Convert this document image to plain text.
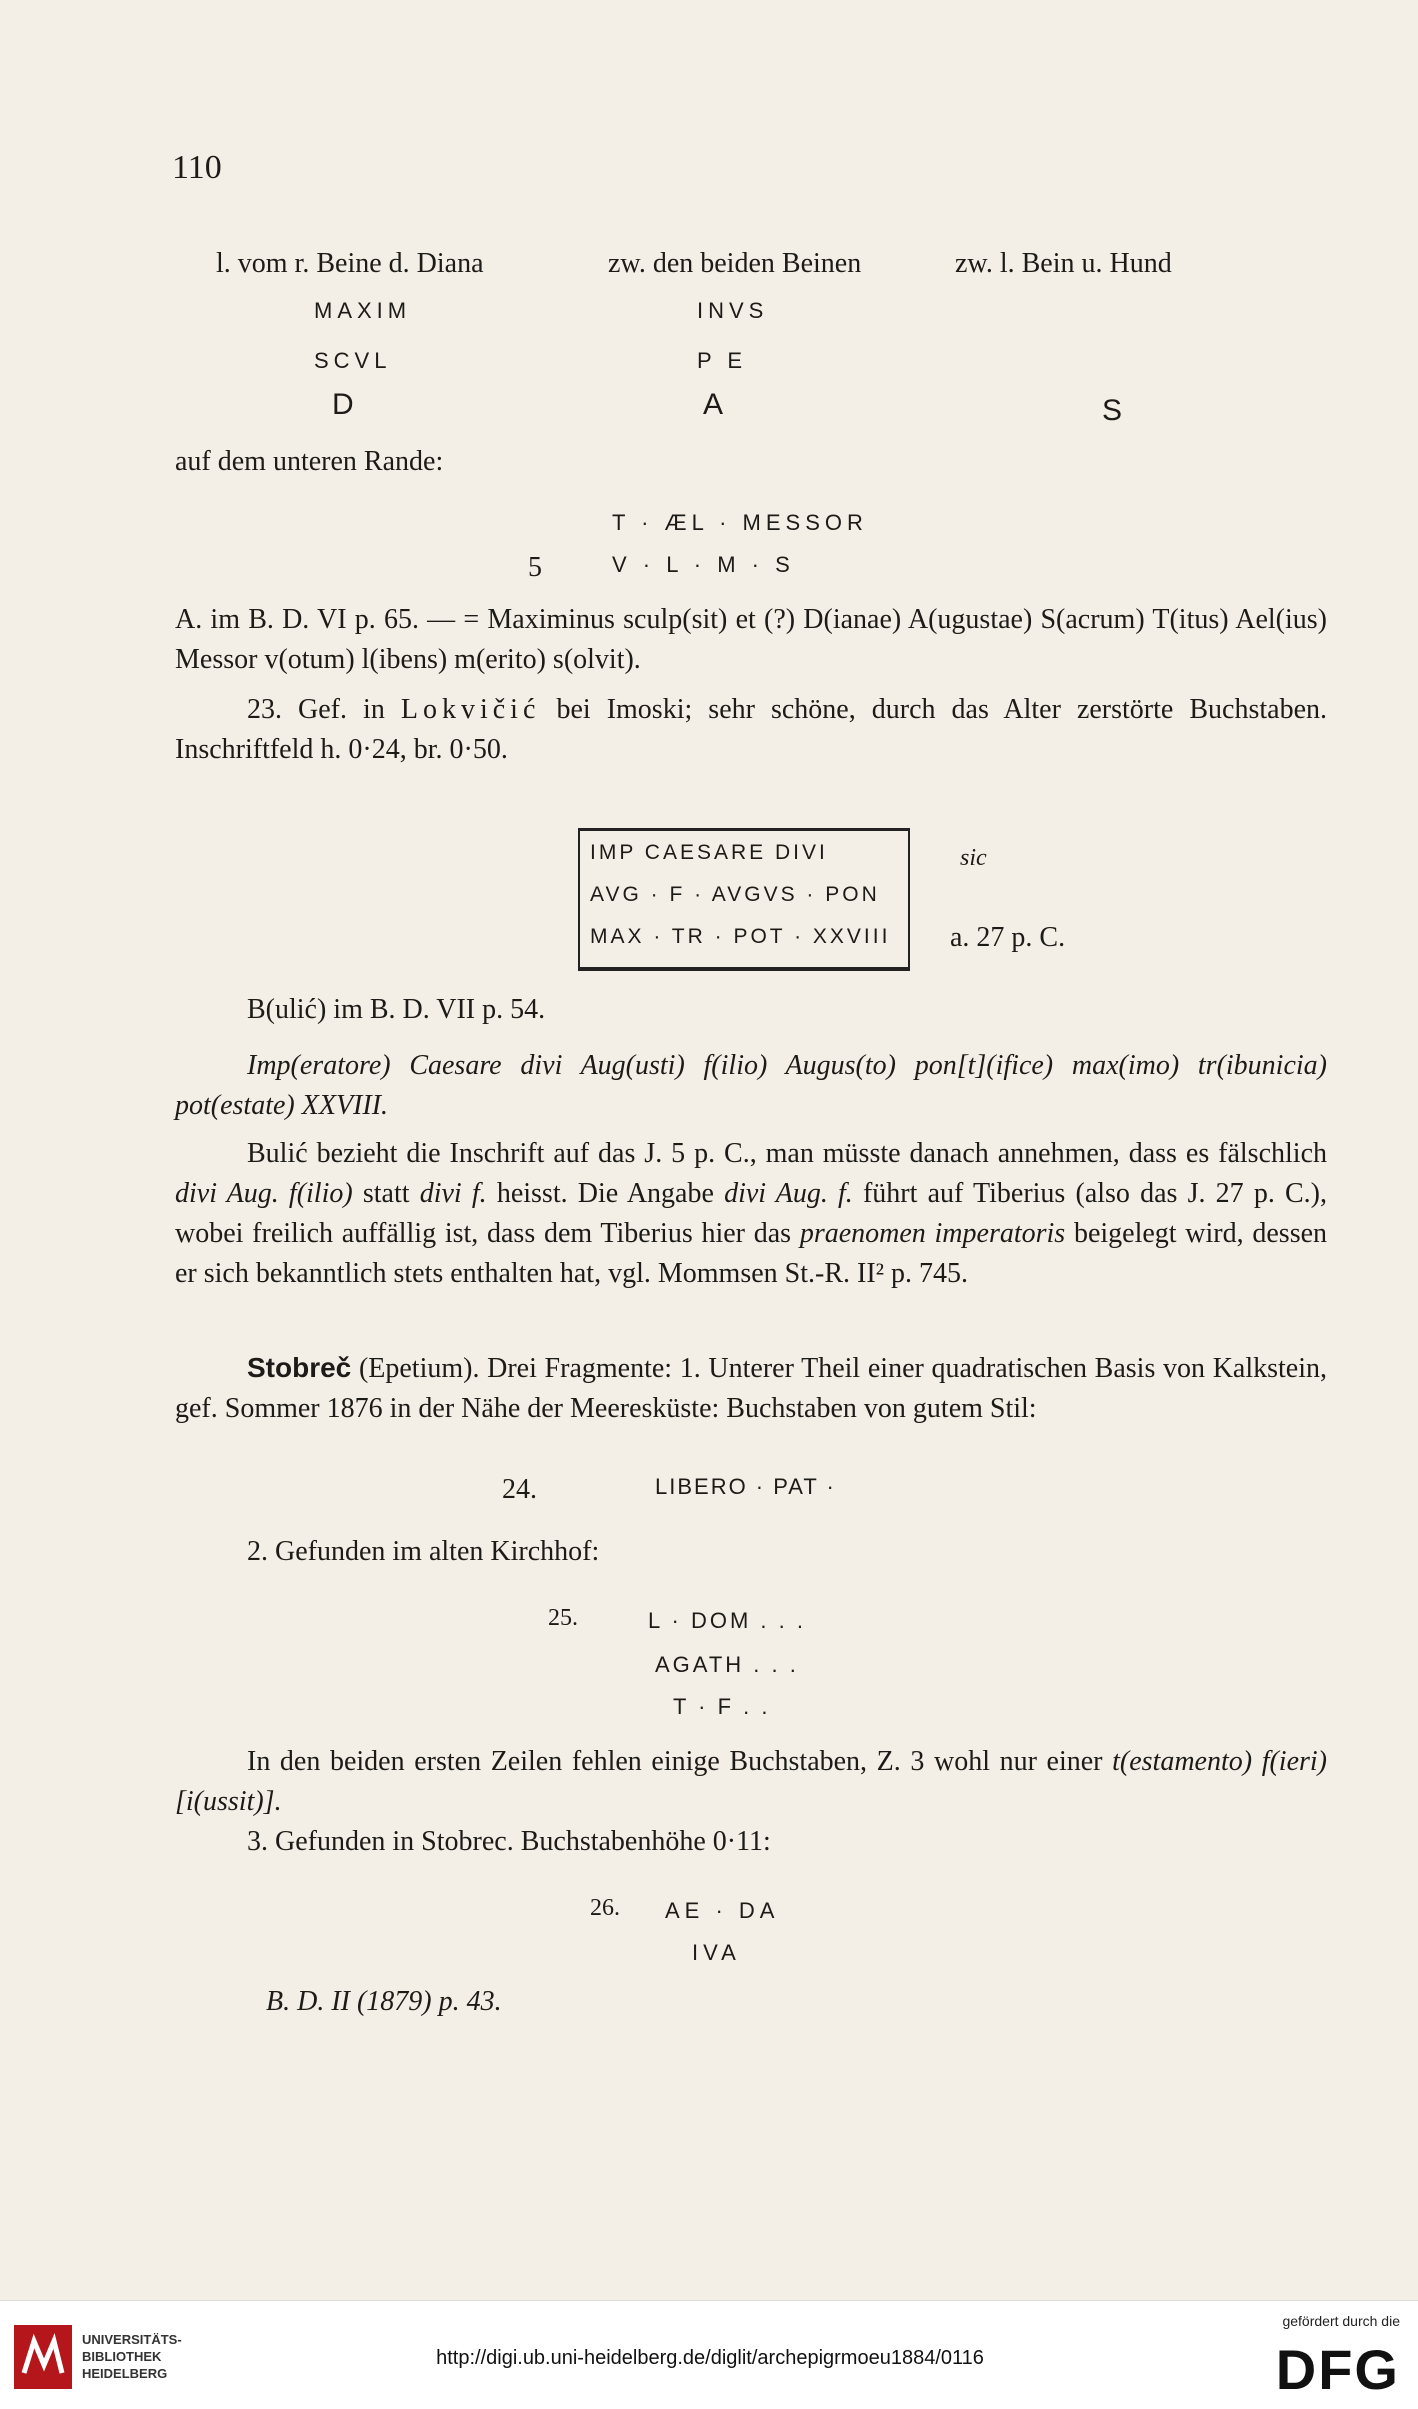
110
l. vom r. Beine d. Diana	zw. den beiden Beinen	zw. l. Bein u. Hund
MAXIM	INVS
SCVL	P E
D	A	S
auf dem unteren Rande:
T · ÆL · MESSOR
5	V · L · M · S
A. im B. D. VI p. 65. — = Maximinus sculp(sit) et (?) D(ianae) A(ugustae) S(acrum) T(itus) Ael(ius) Messor v(otum) l(ibens) m(erito) s(olvit).
23. Gef. in Lokvičić bei Imoski; sehr schöne, durch das Alter zerstörte Buchstaben. Inschriftfeld h. 0·24, br. 0·50.
IMP CAESARE DIVI
AVG · F · AVGVS · PON
MAX · TR · POT · XXVIII
sic
a. 27 p. C.
B(ulić) im B. D. VII p. 54.
Imp(eratore) Caesare divi Aug(usti) f(ilio) Augus(to) pon[t](ifice) max(imo) tr(ibunicia) pot(estate) XXVIII.
Bulić bezieht die Inschrift auf das J. 5 p. C., man müsste danach annehmen, dass es fälschlich divi Aug. f(ilio) statt divi f. heisst. Die Angabe divi Aug. f. führt auf Tiberius (also das J. 27 p. C.), wobei freilich auffällig ist, dass dem Tiberius hier das praenomen imperatoris beigelegt wird, dessen er sich bekanntlich stets enthalten hat, vgl. Mommsen St.-R. II² p. 745.
Stobreč (Epetium). Drei Fragmente: 1. Unterer Theil einer quadratischen Basis von Kalkstein, gef. Sommer 1876 in der Nähe der Meeresküste: Buchstaben von gutem Stil:
24.	LIBERO · PAT ·
2. Gefunden im alten Kirchhof:
25.	L · DOM . . .
AGATH . . .
T · F . .
In den beiden ersten Zeilen fehlen einige Buchstaben, Z. 3 wohl nur einer t(estamento) f(ieri) [i(ussit)].
3. Gefunden in Stobrec. Buchstabenhöhe 0·11:
26. AE · DA
IVA
B. D. II (1879) p. 43.
UNIVERSITÄTS-
BIBLIOTHEK
HEIDELBERG
http://digi.ub.uni-heidelberg.de/diglit/archepigrmoeu1884/0116
gefördert durch die
DFG
